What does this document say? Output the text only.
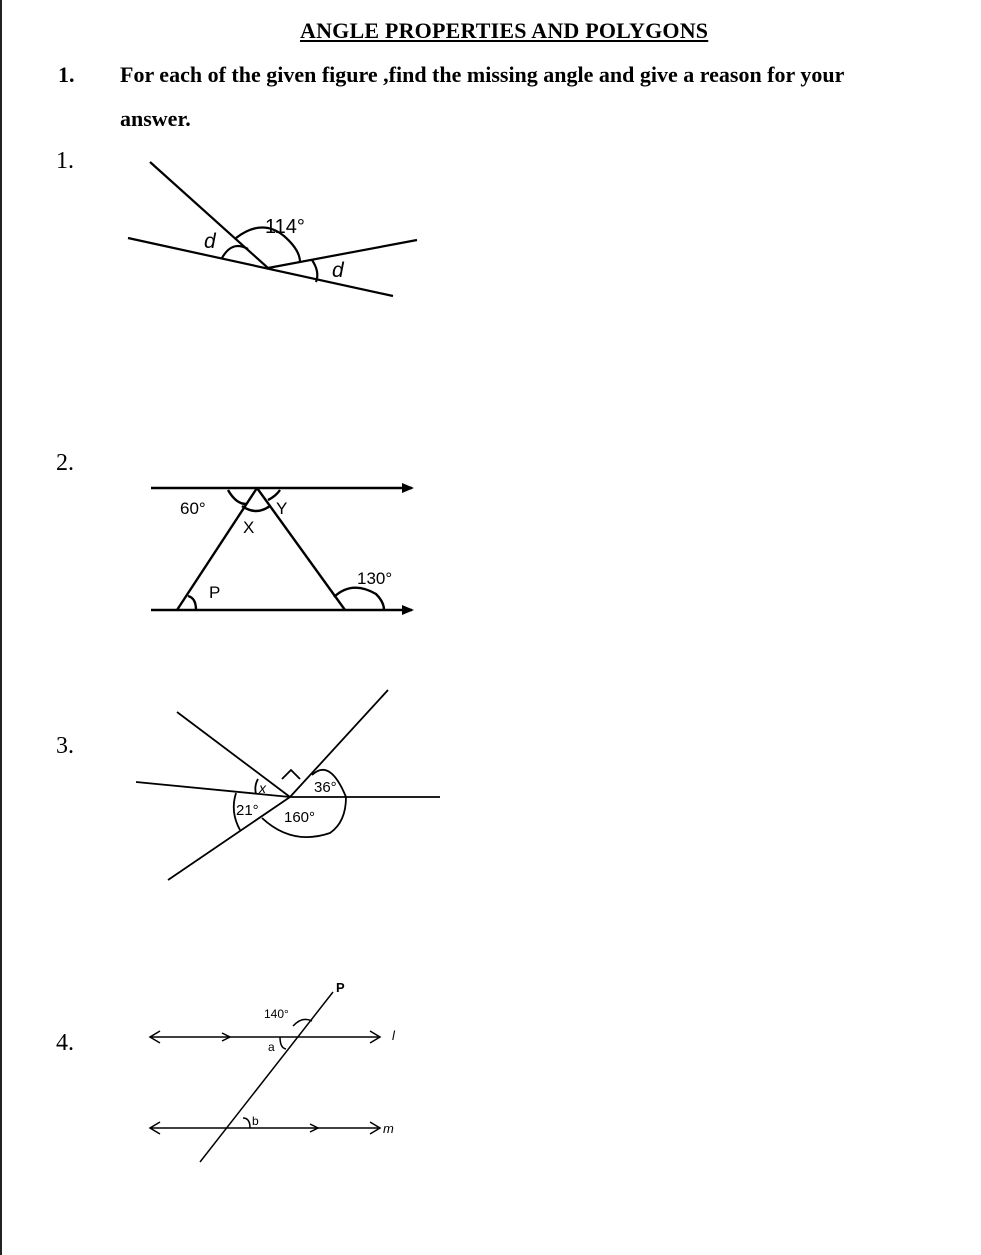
ANGLE PROPERTIES AND POLYGONS
1. For each of the given figure ,find the missing angle and give a reason for your
answer.
1.
2.
3.
4.
114°
d
d
60°
X
Y
P
130°
x	36°
21° 160°
P
140°
a
b
l
m
